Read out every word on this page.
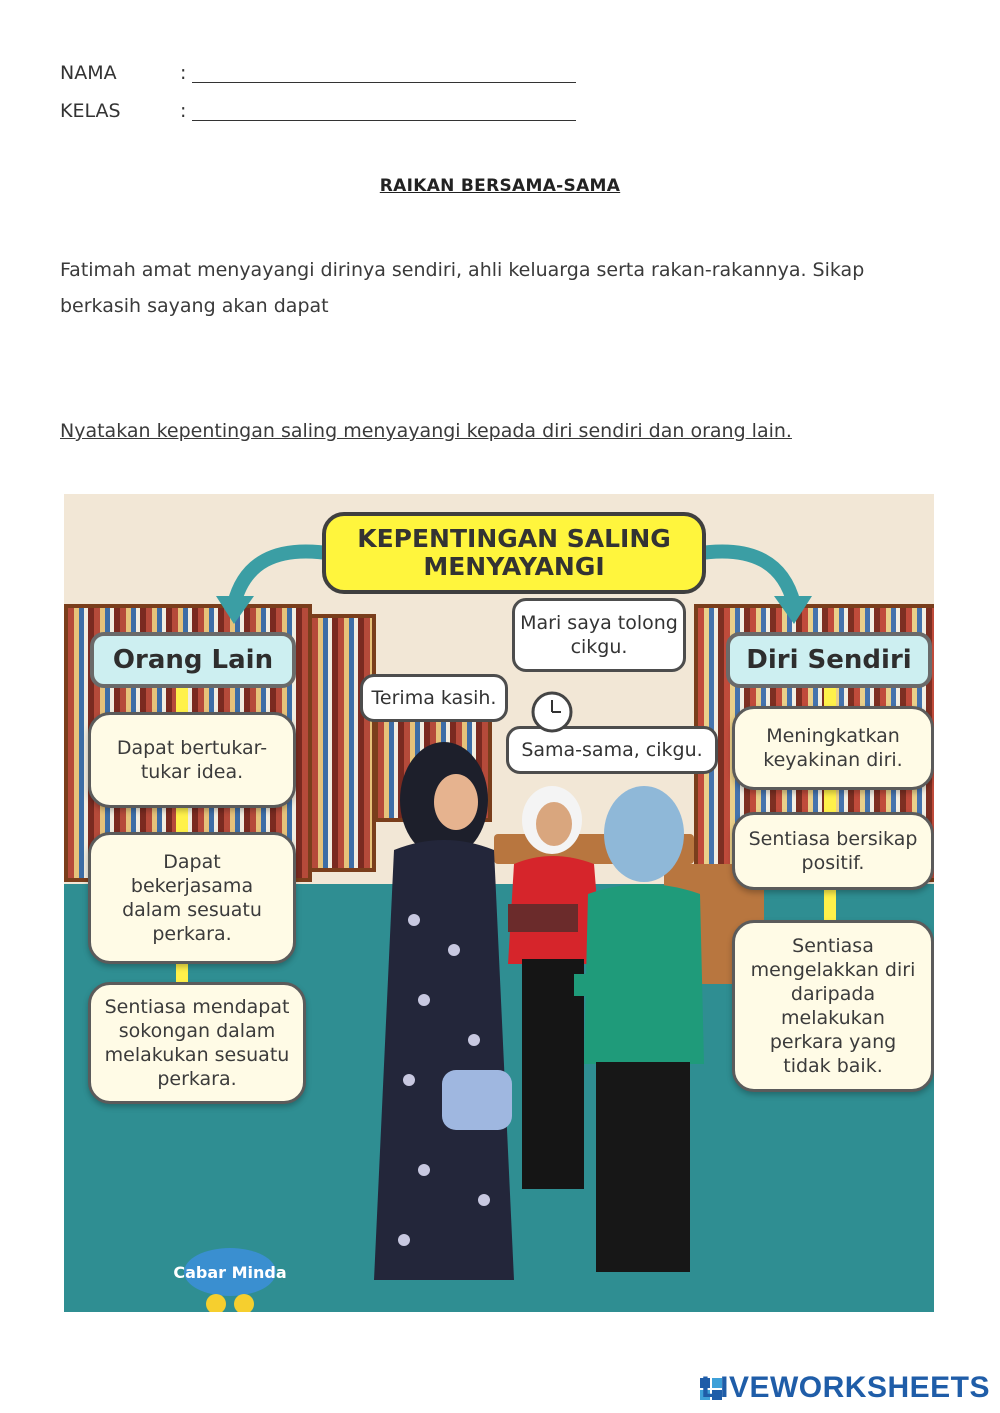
NAMA	:
KELAS	:
RAIKAN BERSAMA-SAMA
Fatimah amat menyayangi dirinya sendiri, ahli keluarga serta rakan-rakannya. Sikap berkasih sayang akan dapat
Nyatakan kepentingan saling menyayangi kepada diri sendiri dan orang lain.
KEPENTINGAN SALING MENYAYANGI
Orang Lain	Diri Sendiri
Dapat bertukar-tukar idea.
Dapat bekerjasama dalam sesuatu perkara.
Sentiasa mendapat sokongan dalam melakukan sesuatu perkara.
Meningkatkan keyakinan diri.
Sentiasa bersikap positif.
Sentiasa mengelakkan diri daripada melakukan perkara yang tidak baik.
Mari saya tolong cikgu.
Terima kasih.
Sama-sama, cikgu.
Cabar Minda
LIVEWORKSHEETS
